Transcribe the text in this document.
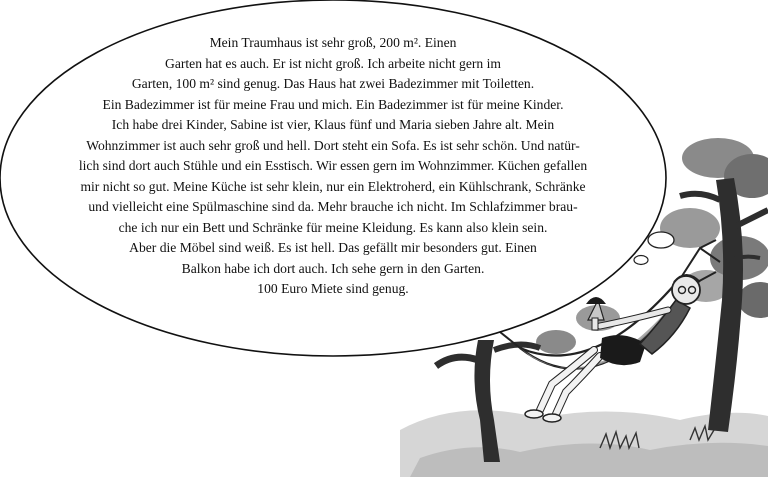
Mein Traumhaus ist sehr groß, 200 m². Einen
Garten hat es auch. Er ist nicht groß. Ich arbeite nicht gern im
Garten, 100 m² sind genug. Das Haus hat zwei Badezimmer mit Toiletten.
Ein Badezimmer ist für meine Frau und mich. Ein Badezimmer ist für meine Kinder.
Ich habe drei Kinder, Sabine ist vier, Klaus fünf und Maria sieben Jahre alt. Mein
Wohnzimmer ist auch sehr groß und hell. Dort steht ein Sofa. Es ist sehr schön. Und natür-
lich sind dort auch Stühle und ein Esstisch. Wir essen gern im Wohnzimmer. Küchen gefallen
mir nicht so gut. Meine Küche ist sehr klein, nur ein Elektroherd, ein Kühlschrank, Schränke
und vielleicht eine Spülmaschine sind da. Mehr brauche ich nicht. Im Schlafzimmer brau-
che ich nur ein Bett und Schränke für meine Kleidung. Es kann also klein sein.
Aber die Möbel sind weiß. Es ist hell. Das gefällt mir besonders gut. Einen
Balkon habe ich dort auch. Ich sehe gern in den Garten.
100 Euro Miete sind genug.
